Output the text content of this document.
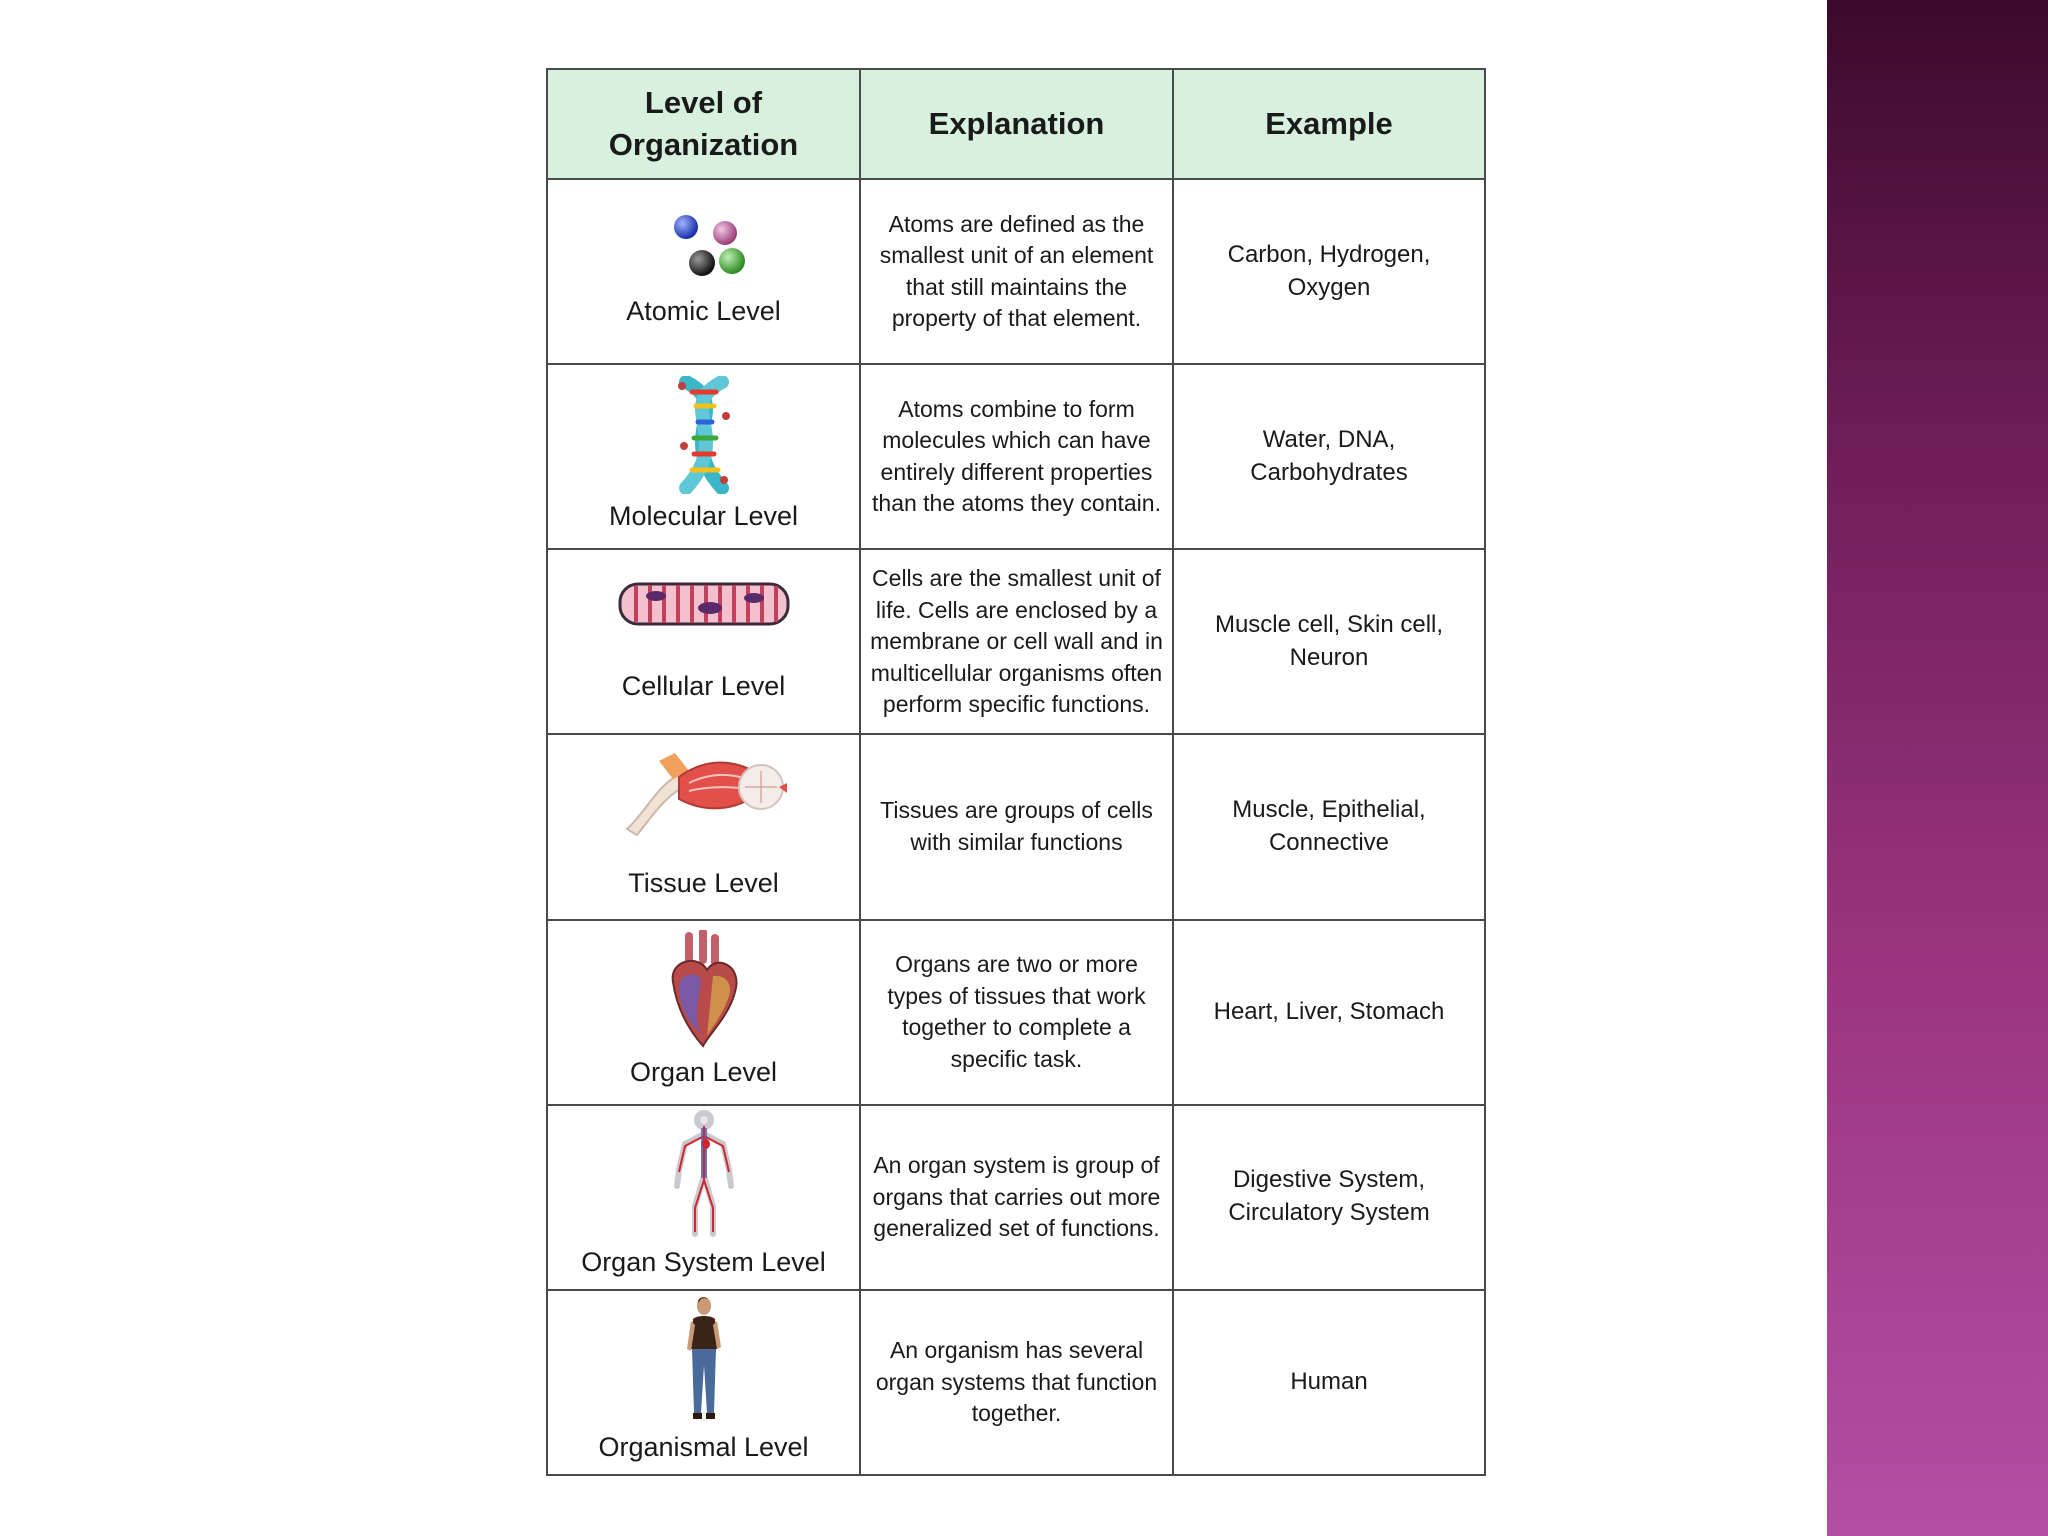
Level of Organization	Explanation	Example

Atomic Level	Atoms are defined as the smallest unit of an element that still maintains the property of that element.	Carbon, Hydrogen, Oxygen

Molecular Level	Atoms combine to form molecules which can have entirely different properties than the atoms they contain.	Water, DNA, Carbohydrates

Cellular Level	Cells are the smallest unit of life. Cells are enclosed by a membrane or cell wall and in multicellular organisms often perform specific functions.	Muscle cell, Skin cell, Neuron

Tissue Level	Tissues are groups of cells with similar functions	Muscle, Epithelial, Connective

Organ Level	Organs are two or more types of tissues that work together to complete a specific task.	Heart, Liver, Stomach

Organ System Level	An organ system is group of organs that carries out more generalized set of functions.	Digestive System, Circulatory System

Organismal Level	An organism has several organ systems that function together.	Human
